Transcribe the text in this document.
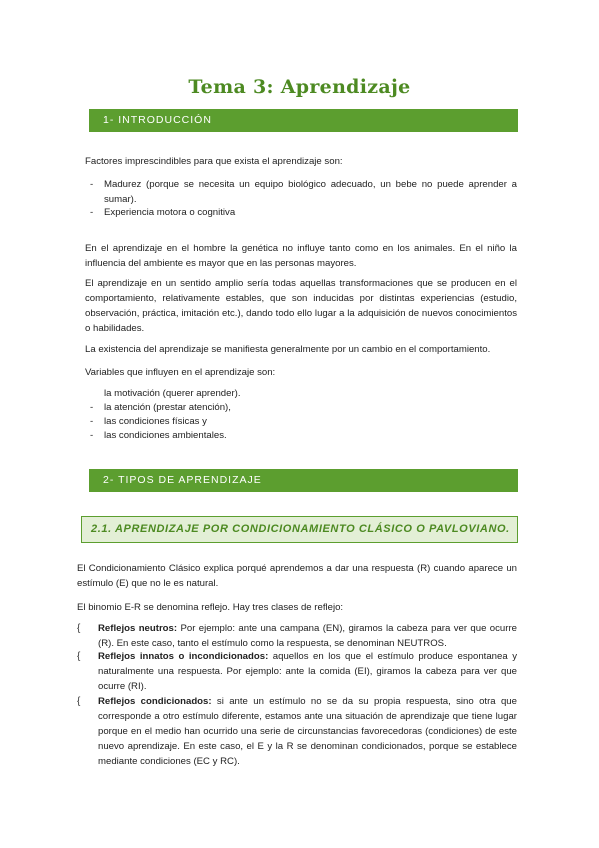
Tema 3: Aprendizaje
1- INTRODUCCIÓN
Factores imprescindibles para que exista el aprendizaje son:
- Madurez (porque se necesita un equipo biológico adecuado, un bebe no puede aprender a sumar).
- Experiencia motora o cognitiva
En el aprendizaje en el hombre la genética no influye tanto como en los animales. En el niño la influencia del ambiente es mayor que en las personas mayores.
El aprendizaje en un sentido amplio sería todas aquellas transformaciones que se producen en el comportamiento, relativamente estables, que son inducidas por distintas experiencias (estudio, observación, práctica, imitación etc.), dando todo ello lugar a la adquisición de nuevos conocimientos o habilidades.
La existencia del aprendizaje se manifiesta generalmente por un cambio en el comportamiento.
Variables que influyen en el aprendizaje son:
la motivación (querer aprender).
- la atención (prestar atención),
- las condiciones físicas y
- las condiciones ambientales.
2- TIPOS DE APRENDIZAJE
2.1. APRENDIZAJE POR CONDICIONAMIENTO CLÁSICO O PAVLOVIANO.
El Condicionamiento Clásico explica porqué aprendemos a dar una respuesta (R) cuando aparece un estímulo (E) que no le es natural.
El binomio E-R se denomina reflejo. Hay tres clases de reflejo:
{ Reflejos neutros: Por ejemplo: ante una campana (EN), giramos la cabeza para ver que ocurre (R). En este caso, tanto el estímulo como la respuesta, se denominan NEUTROS.
{ Reflejos innatos o incondicionados: aquellos en los que el estímulo produce espontanea y naturalmente una respuesta. Por ejemplo: ante la comida (EI), giramos la cabeza para ver que ocurre (RI).
{ Reflejos condicionados: si ante un estímulo no se da su propia respuesta, sino otra que corresponde a otro estímulo diferente, estamos ante una situación de aprendizaje que tiene lugar porque en el medio han ocurrido una serie de circunstancias favorecedoras (condiciones) de este nuevo aprendizaje. En este caso, el E y la R se denominan condicionados, porque se establece mediante condiciones (EC y RC).
